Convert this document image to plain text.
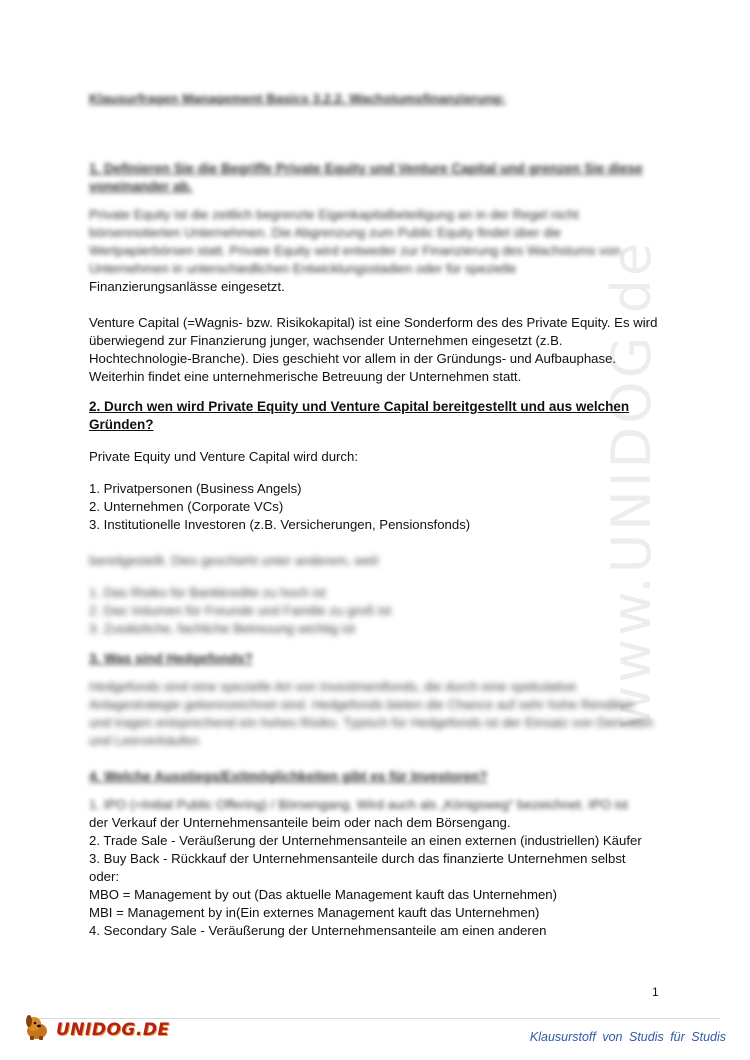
www.UNIDOG.de

Klausurfragen Management Basics 3.2.2. Wachstumsfinanzierung:

1. Definieren Sie die Begriffe Private Equity und Venture Capital und grenzen Sie diese voneinander ab.

Private Equity ist die zeitlich begrenzte Eigenkapitalbeteiligung an in der Regel nicht börsennotierten Unternehmen. Die Abgrenzung zum Public Equity findet über die Wertpapierbörsen statt. Private Equity wird entweder zur Finanzierung des Wachstums von Unternehmen in unterschiedlichen Entwicklungsstadien oder für spezielle

Finanzierungsanlässe eingesetzt.

Venture Capital (=Wagnis- bzw. Risikokapital) ist eine Sonderform des des Private Equity. Es wird überwiegend zur Finanzierung junger, wachsender Unternehmen eingesetzt (z.B. Hochtechnologie-Branche). Dies geschieht vor allem in der Gründungs- und Aufbauphase. Weiterhin findet eine unternehmerische Betreuung der Unternehmen statt.

2. Durch wen wird Private Equity und Venture Capital bereitgestellt und aus welchen Gründen?

Private Equity und Venture Capital wird durch:

1. Privatpersonen (Business Angels)

2. Unternehmen (Corporate VCs)

3. Institutionelle Investoren (z.B. Versicherungen, Pensionsfonds)

bereitgestellt. Dies geschieht unter anderem, weil:

1. Das Risiko für Bankkredite zu hoch ist

2. Das Volumen für Freunde und Familie zu groß ist

3. Zusätzliche, fachliche Betreuung wichtig ist

3. Was sind Hedgefonds?

Hedgefonds sind eine spezielle Art von Investmentfonds, die durch eine spekulative Anlagestrategie gekennzeichnet sind. Hedgefonds bieten die Chance auf sehr hohe Renditen und tragen entsprechend ein hohes Risiko. Typisch für Hedgefonds ist der Einsatz von Derivaten und Leerverkäufen

4. Welche Ausstiegs/Exitmöglichkeiten gibt es für Investoren?

1. IPO (=Initial Public Offering) / Börsengang. Wird auch als „Königsweg“ bezeichnet. IPO ist

der Verkauf der Unternehmensanteile beim oder nach dem Börsengang.

2. Trade Sale - Veräußerung der Unternehmensanteile an einen externen (industriellen) Käufer

3. Buy Back - Rückkauf der Unternehmensanteile durch das finanzierte Unternehmen selbst oder:

MBO = Management by out (Das aktuelle Management kauft das Unternehmen)

MBI = Management by in(Ein externes Management kauft das Unternehmen)

4. Secondary Sale - Veräußerung der Unternehmensanteile am einen anderen

1
UNIDOG.DE	Klausurstoff von Studis für Studis
